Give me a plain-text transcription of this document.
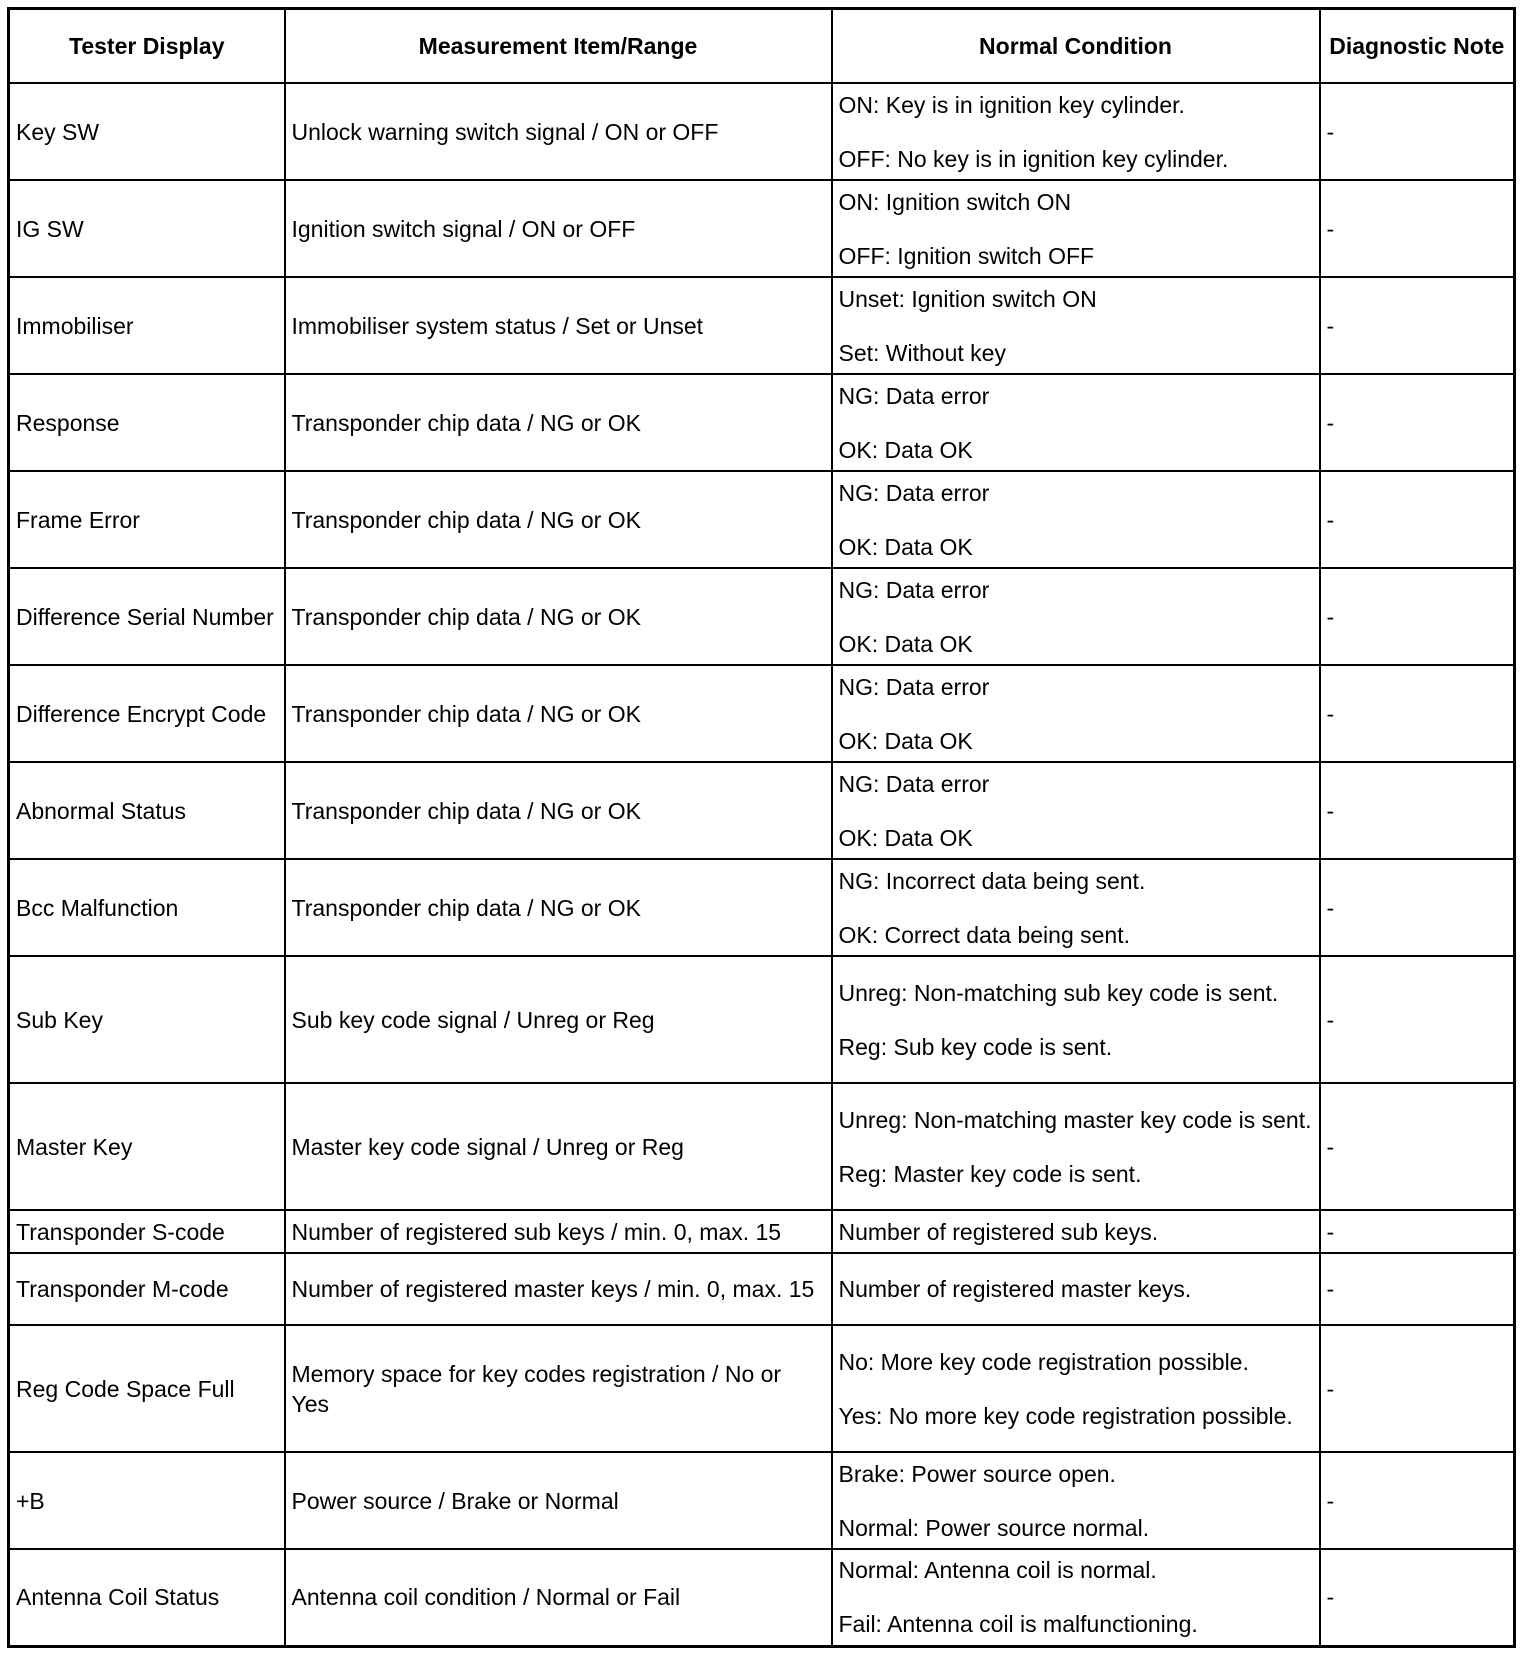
Tester Display	Measurement Item/Range	Normal Condition	Diagnostic Note
Key SW	Unlock warning switch signal / ON or OFF	ON: Key is in ignition key cylinder.

OFF: No key is in ignition key cylinder.	-
IG SW	Ignition switch signal / ON or OFF	ON: Ignition switch ON

OFF: Ignition switch OFF	-
Immobiliser	Immobiliser system status / Set or Unset	Unset: Ignition switch ON

Set: Without key	-
Response	Transponder chip data / NG or OK	NG: Data error

OK: Data OK	-
Frame Error	Transponder chip data / NG or OK	NG: Data error

OK: Data OK	-
Difference Serial Number	Transponder chip data / NG or OK	NG: Data error

OK: Data OK	-
Difference Encrypt Code	Transponder chip data / NG or OK	NG: Data error

OK: Data OK	-
Abnormal Status	Transponder chip data / NG or OK	NG: Data error

OK: Data OK	-
Bcc Malfunction	Transponder chip data / NG or OK	NG: Incorrect data being sent.

OK: Correct data being sent.	-
Sub Key	Sub key code signal / Unreg or Reg	Unreg: Non-matching sub key code is sent.

Reg: Sub key code is sent.	-
Master Key	Master key code signal / Unreg or Reg	Unreg: Non-matching master key code is sent.

Reg: Master key code is sent.	-
Transponder S-code	Number of registered sub keys / min. 0, max. 15	Number of registered sub keys.	-
Transponder M-code	Number of registered master keys / min. 0, max. 15	Number of registered master keys.	-
Reg Code Space Full	Memory space for key codes registration / No or Yes	No: More key code registration possible.

Yes: No more key code registration possible.	-
+B	Power source / Brake or Normal	Brake: Power source open.

Normal: Power source normal.	-
Antenna Coil Status	Antenna coil condition / Normal or Fail	Normal: Antenna coil is normal.

Fail: Antenna coil is malfunctioning.	-
